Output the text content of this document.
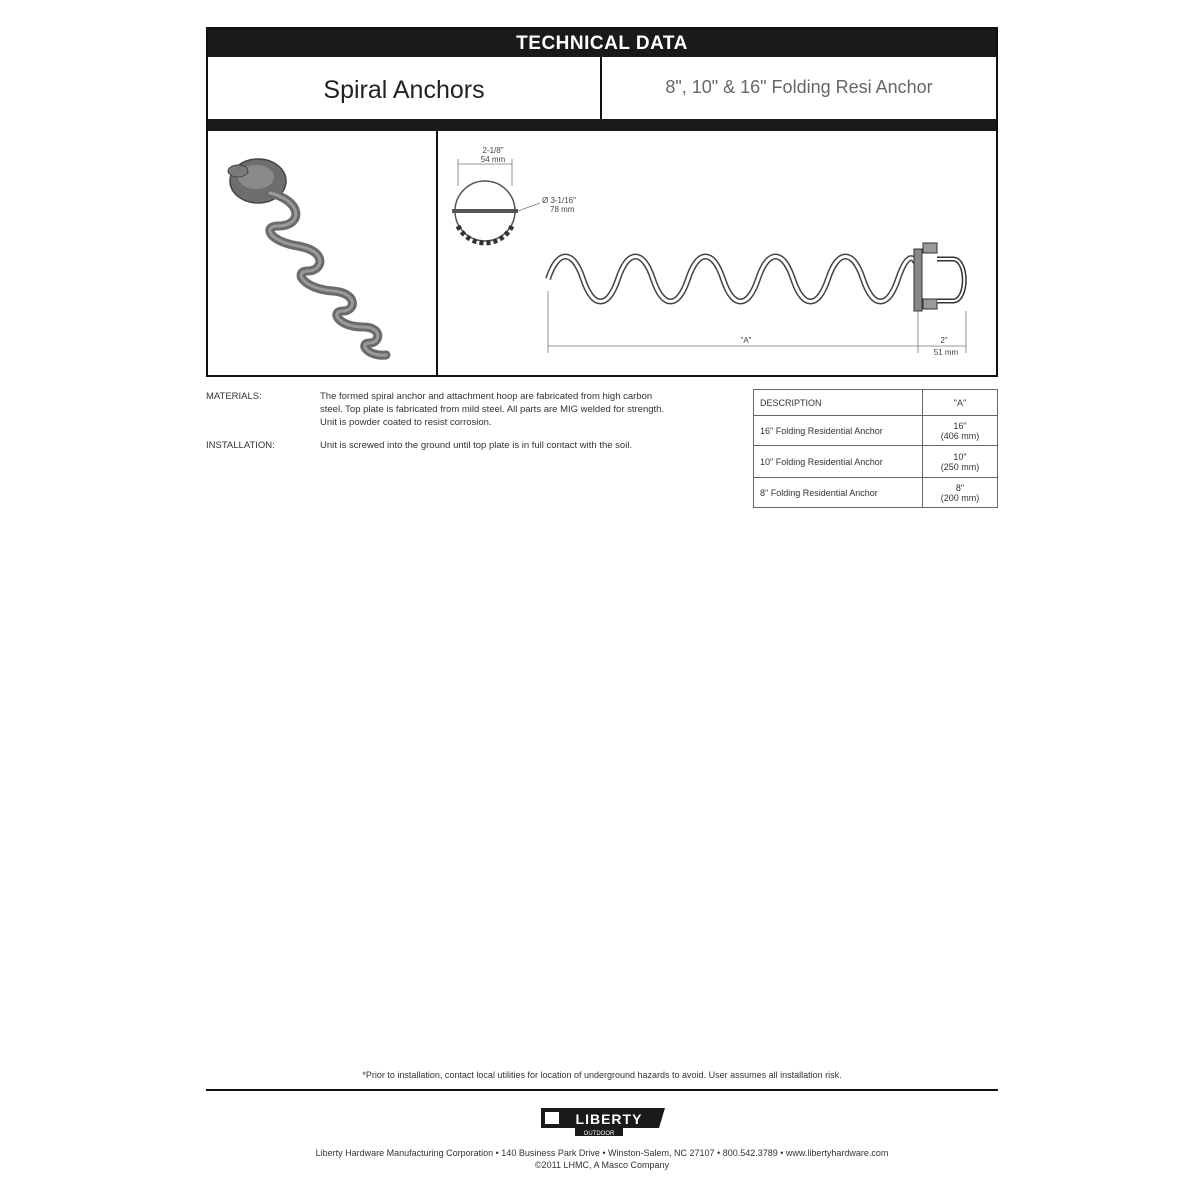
TECHNICAL DATA
Spiral Anchors	8", 10" & 16" Folding Resi Anchor
2-1/8"
54 mm
Ø 3-1/16"
78 mm
"A"	2"
51 mm
MATERIALS:	The formed spiral anchor and attachment hoop are fabricated from high carbon
steel. Top plate is fabricated from mild steel. All parts are MIG welded for strength.
Unit is powder coated to resist corrosion.
INSTALLATION:	Unit is screwed into the ground until top plate is in full contact with the soil.
DESCRIPTION	"A"
16" Folding Residential Anchor	16"
(406 mm)

10" Folding Residential Anchor	10"
(250 mm)

8" Folding Residential Anchor	8"
(200 mm)
*Prior to installation, contact local utilities for location of underground hazards to avoid. User assumes all installation risk.
LIBERTY
OUTDOOR
Liberty Hardware Manufacturing Corporation • 140 Business Park Drive • Winston-Salem, NC 27107 • 800.542.3789 • www.libertyhardware.com
©2011 LHMC, A Masco Company
